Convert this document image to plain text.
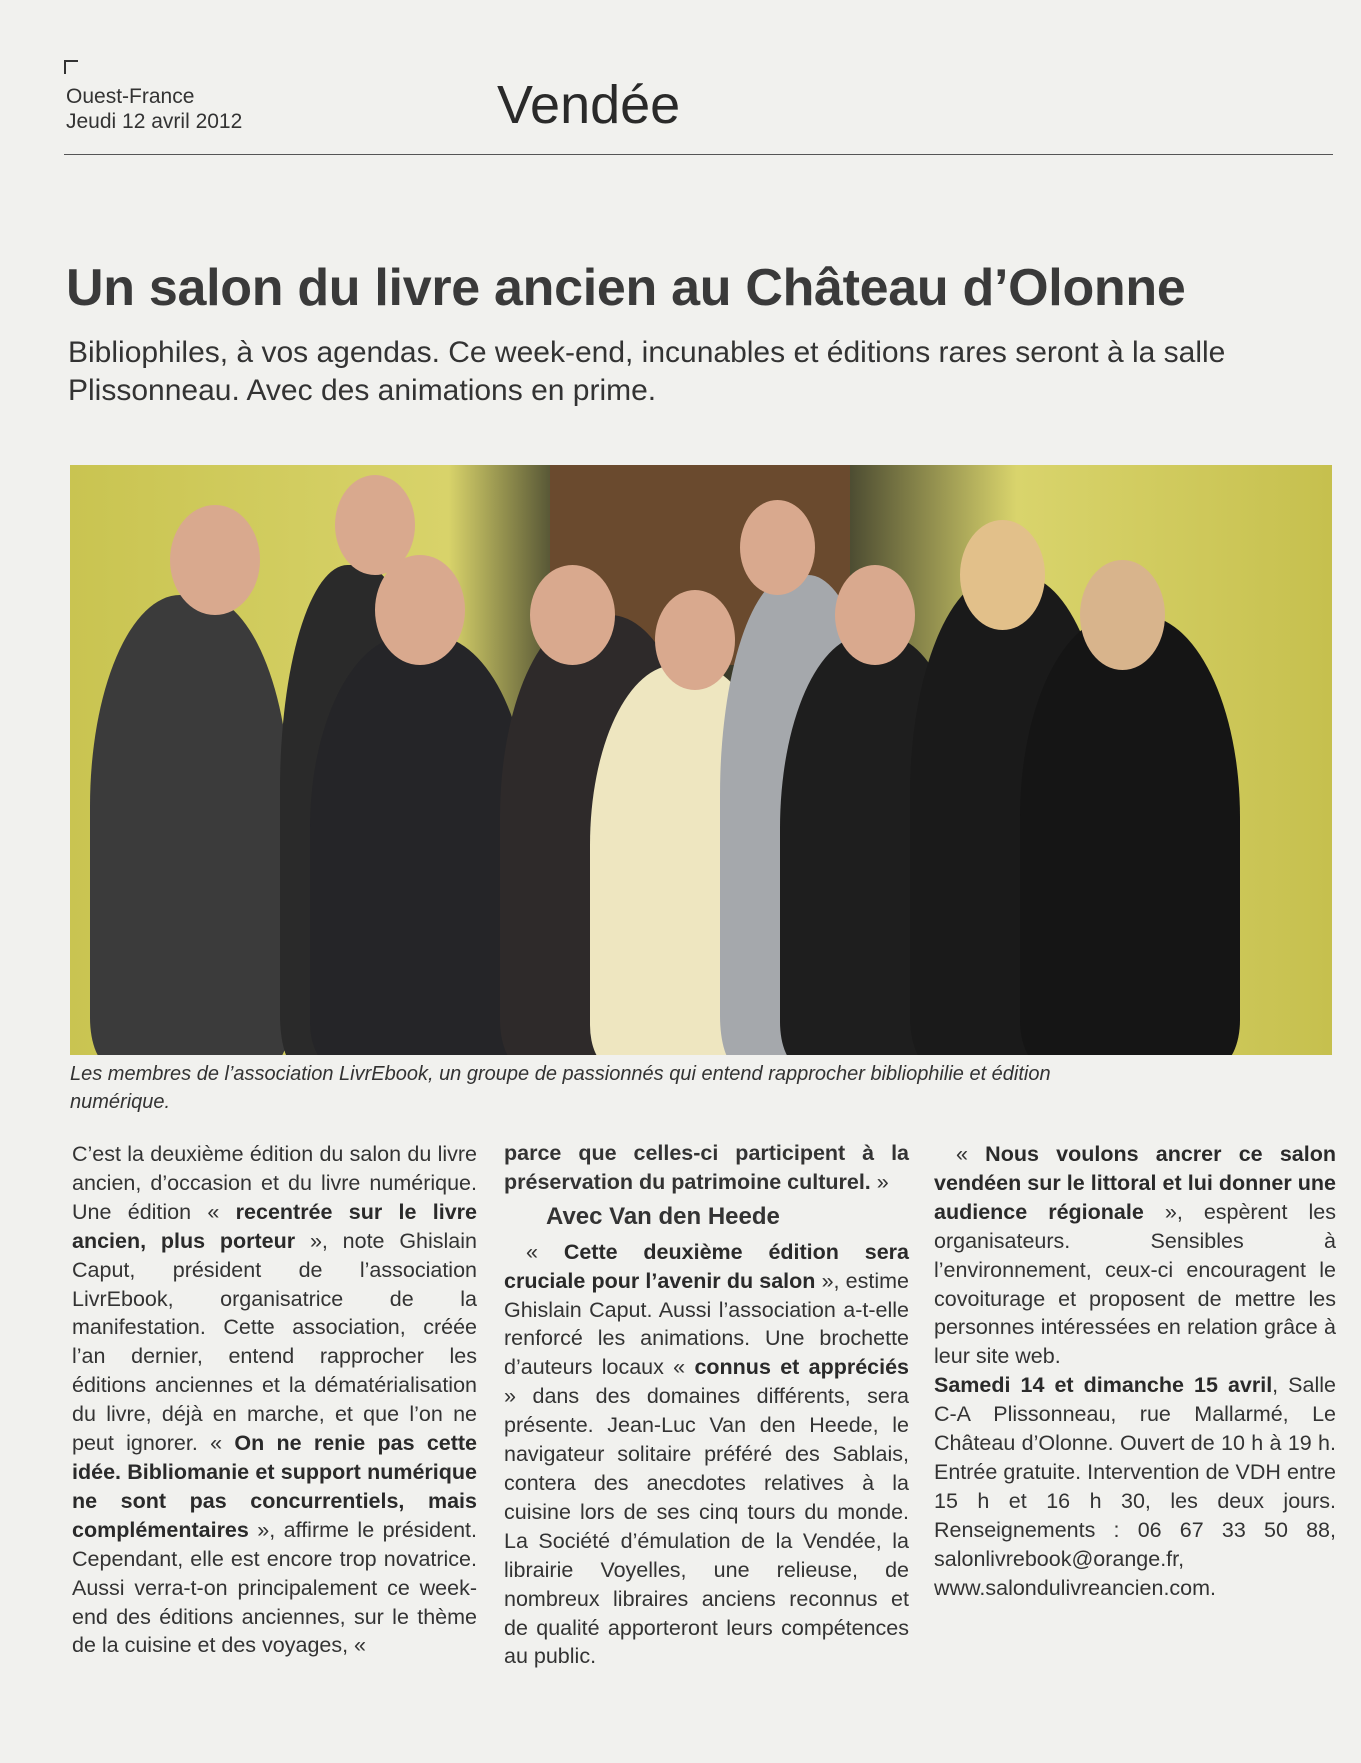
Ouest-France
Jeudi 12 avril 2012	Vendée
Un salon du livre ancien au Château d’Olonne

Bibliophiles, à vos agendas. Ce week-end, incunables et éditions rares seront à la salle Plissonneau. Avec des animations en prime.

Les membres de l’association LivrEbook, un groupe de passionnés qui entend rapprocher bibliophilie et édition numérique.

C’est la deuxième édition du salon du livre ancien, d’occasion et du livre numérique. Une édition « recentrée sur le livre ancien, plus porteur », note Ghislain Caput, président de l’association LivrEbook, organisatrice de la manifestation. Cette association, créée l’an dernier, entend rapprocher les éditions anciennes et la dématérialisation du livre, déjà en marche, et que l’on ne peut ignorer. « On ne renie pas cette idée. Bibliomanie et support numérique ne sont pas concurrentiels, mais complémentaires », affirme le président. Cependant, elle est encore trop novatrice. Aussi verra-t-on principalement ce week-end des éditions anciennes, sur le thème de la cuisine et des voyages, «

parce que celles-ci participent à la préservation du patrimoine culturel. »

Avec Van den Heede

« Cette deuxième édition sera cruciale pour l’avenir du salon », estime Ghislain Caput. Aussi l’association a-t-elle renforcé les animations. Une brochette d’auteurs locaux « connus et appréciés » dans des domaines différents, sera présente. Jean-Luc Van den Heede, le navigateur solitaire préféré des Sablais, contera des anecdotes relatives à la cuisine lors de ses cinq tours du monde. La Société d’émulation de la Vendée, la librairie Voyelles, une relieuse, de nombreux libraires anciens reconnus et de qualité apporteront leurs compétences au public.

« Nous voulons ancrer ce salon vendéen sur le littoral et lui donner une audience régionale », espèrent les organisateurs. Sensibles à l’environnement, ceux-ci encouragent le covoiturage et proposent de mettre les personnes intéressées en relation grâce à leur site web.

Samedi 14 et dimanche 15 avril, Salle C-A Plissonneau, rue Mallarmé, Le Château d’Olonne. Ouvert de 10 h à 19 h. Entrée gratuite. Intervention de VDH entre 15 h et 16 h 30, les deux jours. Renseignements : 06 67 33 50 88, salonlivrebook@orange.fr, www.salondulivreancien.com.
